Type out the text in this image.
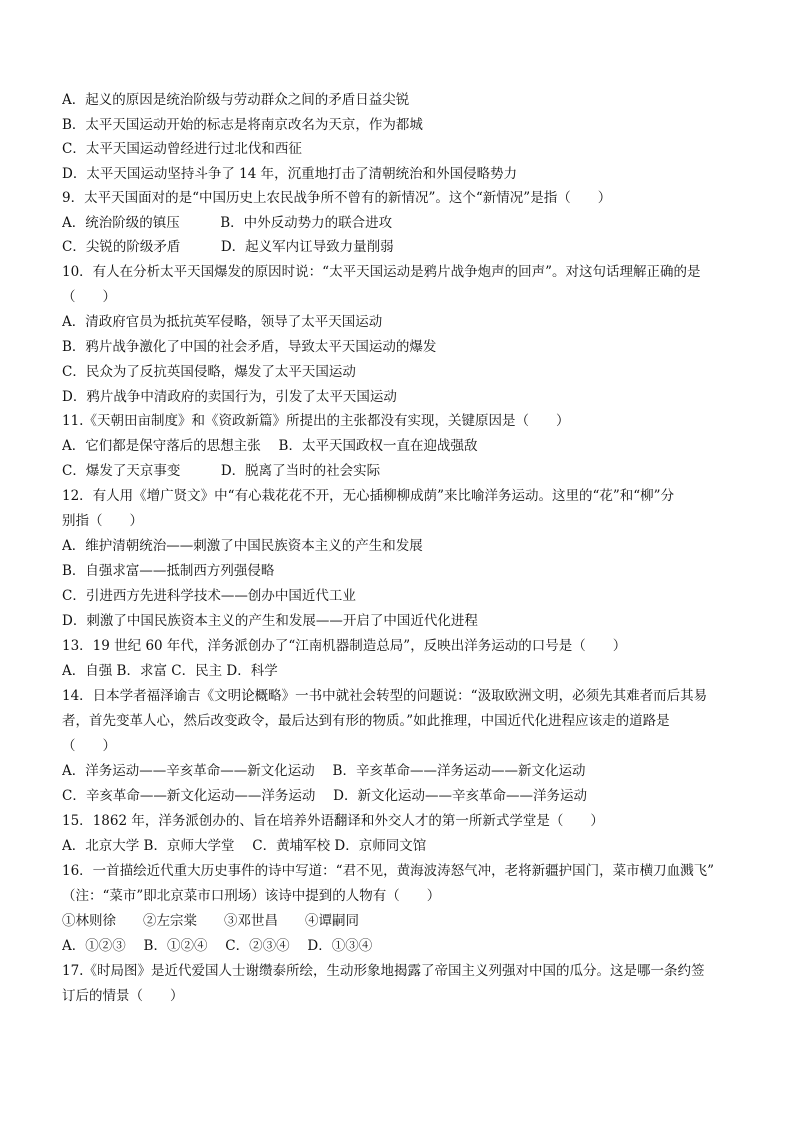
A．起义的原因是统治阶级与劳动群众之间的矛盾日益尖锐
B．太平天国运动开始的标志是将南京改名为天京，作为都城
C．太平天国运动曾经进行过北伐和西征
D．太平天国运动坚持斗争了 14 年，沉重地打击了清朝统治和外国侵略势力
9．太平天国面对的是“中国历史上农民战争所不曾有的新情况”。这个“新情况”是指（　　）
A．统治阶级的镇压　　　B．中外反动势力的联合进攻
C．尖锐的阶级矛盾　　　D．起义军内讧导致力量削弱
10．有人在分析太平天国爆发的原因时说：“太平天国运动是鸦片战争炮声的回声”。对这句话理解正确的是
（　　）
A．清政府官员为抵抗英军侵略，领导了太平天国运动
B．鸦片战争激化了中国的社会矛盾，导致太平天国运动的爆发
C．民众为了反抗英国侵略，爆发了太平天国运动
D．鸦片战争中清政府的卖国行为，引发了太平天国运动
11.《天朝田亩制度》和《资政新篇》所提出的主张都没有实现，关键原因是（　　）
A．它们都是保守落后的思想主张　 B．太平天国政权一直在迎战强敌
C．爆发了天京事变　　　D．脱离了当时的社会实际
12．有人用《增广贤文》中“有心栽花花不开，无心插柳柳成荫”来比喻洋务运动。这里的“花”和“柳”分
别指（　　）
A．维护清朝统治——刺激了中国民族资本主义的产生和发展
B．自强求富——抵制西方列强侵略
C．引进西方先进科学技术——创办中国近代工业
D．刺激了中国民族资本主义的产生和发展——开启了中国近代化进程
13．19 世纪 60 年代，洋务派创办了“江南机器制造总局”，反映出洋务运动的口号是（　　）
A．自强 B．求富 C．民主 D．科学
14．日本学者福泽谕吉《文明论概略》一书中就社会转型的问题说：“汲取欧洲文明，必须先其难者而后其易
者，首先变革人心，然后改变政令，最后达到有形的物质。”如此推理，中国近代化进程应该走的道路是
（　　）
A．洋务运动——辛亥革命——新文化运动　 B．辛亥革命——洋务运动——新文化运动
C．辛亥革命——新文化运动——洋务运动　 D．新文化运动——辛亥革命——洋务运动
15．1862 年，洋务派创办的、旨在培养外语翻译和外交人才的第一所新式学堂是（　　）
A．北京大学 B．京师大学堂　 C．黄埔军校 D．京师同文馆
16．一首描绘近代重大历史事件的诗中写道：“君不见，黄海波涛怒气冲，老将新疆护国门，菜市横刀血溅飞”
（注：“菜市”即北京菜市口刑场）该诗中提到的人物有（　　）
①林则徐　　②左宗棠　　③邓世昌　　④谭嗣同
A．①②③　 B．①②④　 C．②③④　 D．①③④
17.《时局图》是近代爱国人士谢缵泰所绘，生动形象地揭露了帝国主义列强对中国的瓜分。这是哪一条约签
订后的情景（　　）
